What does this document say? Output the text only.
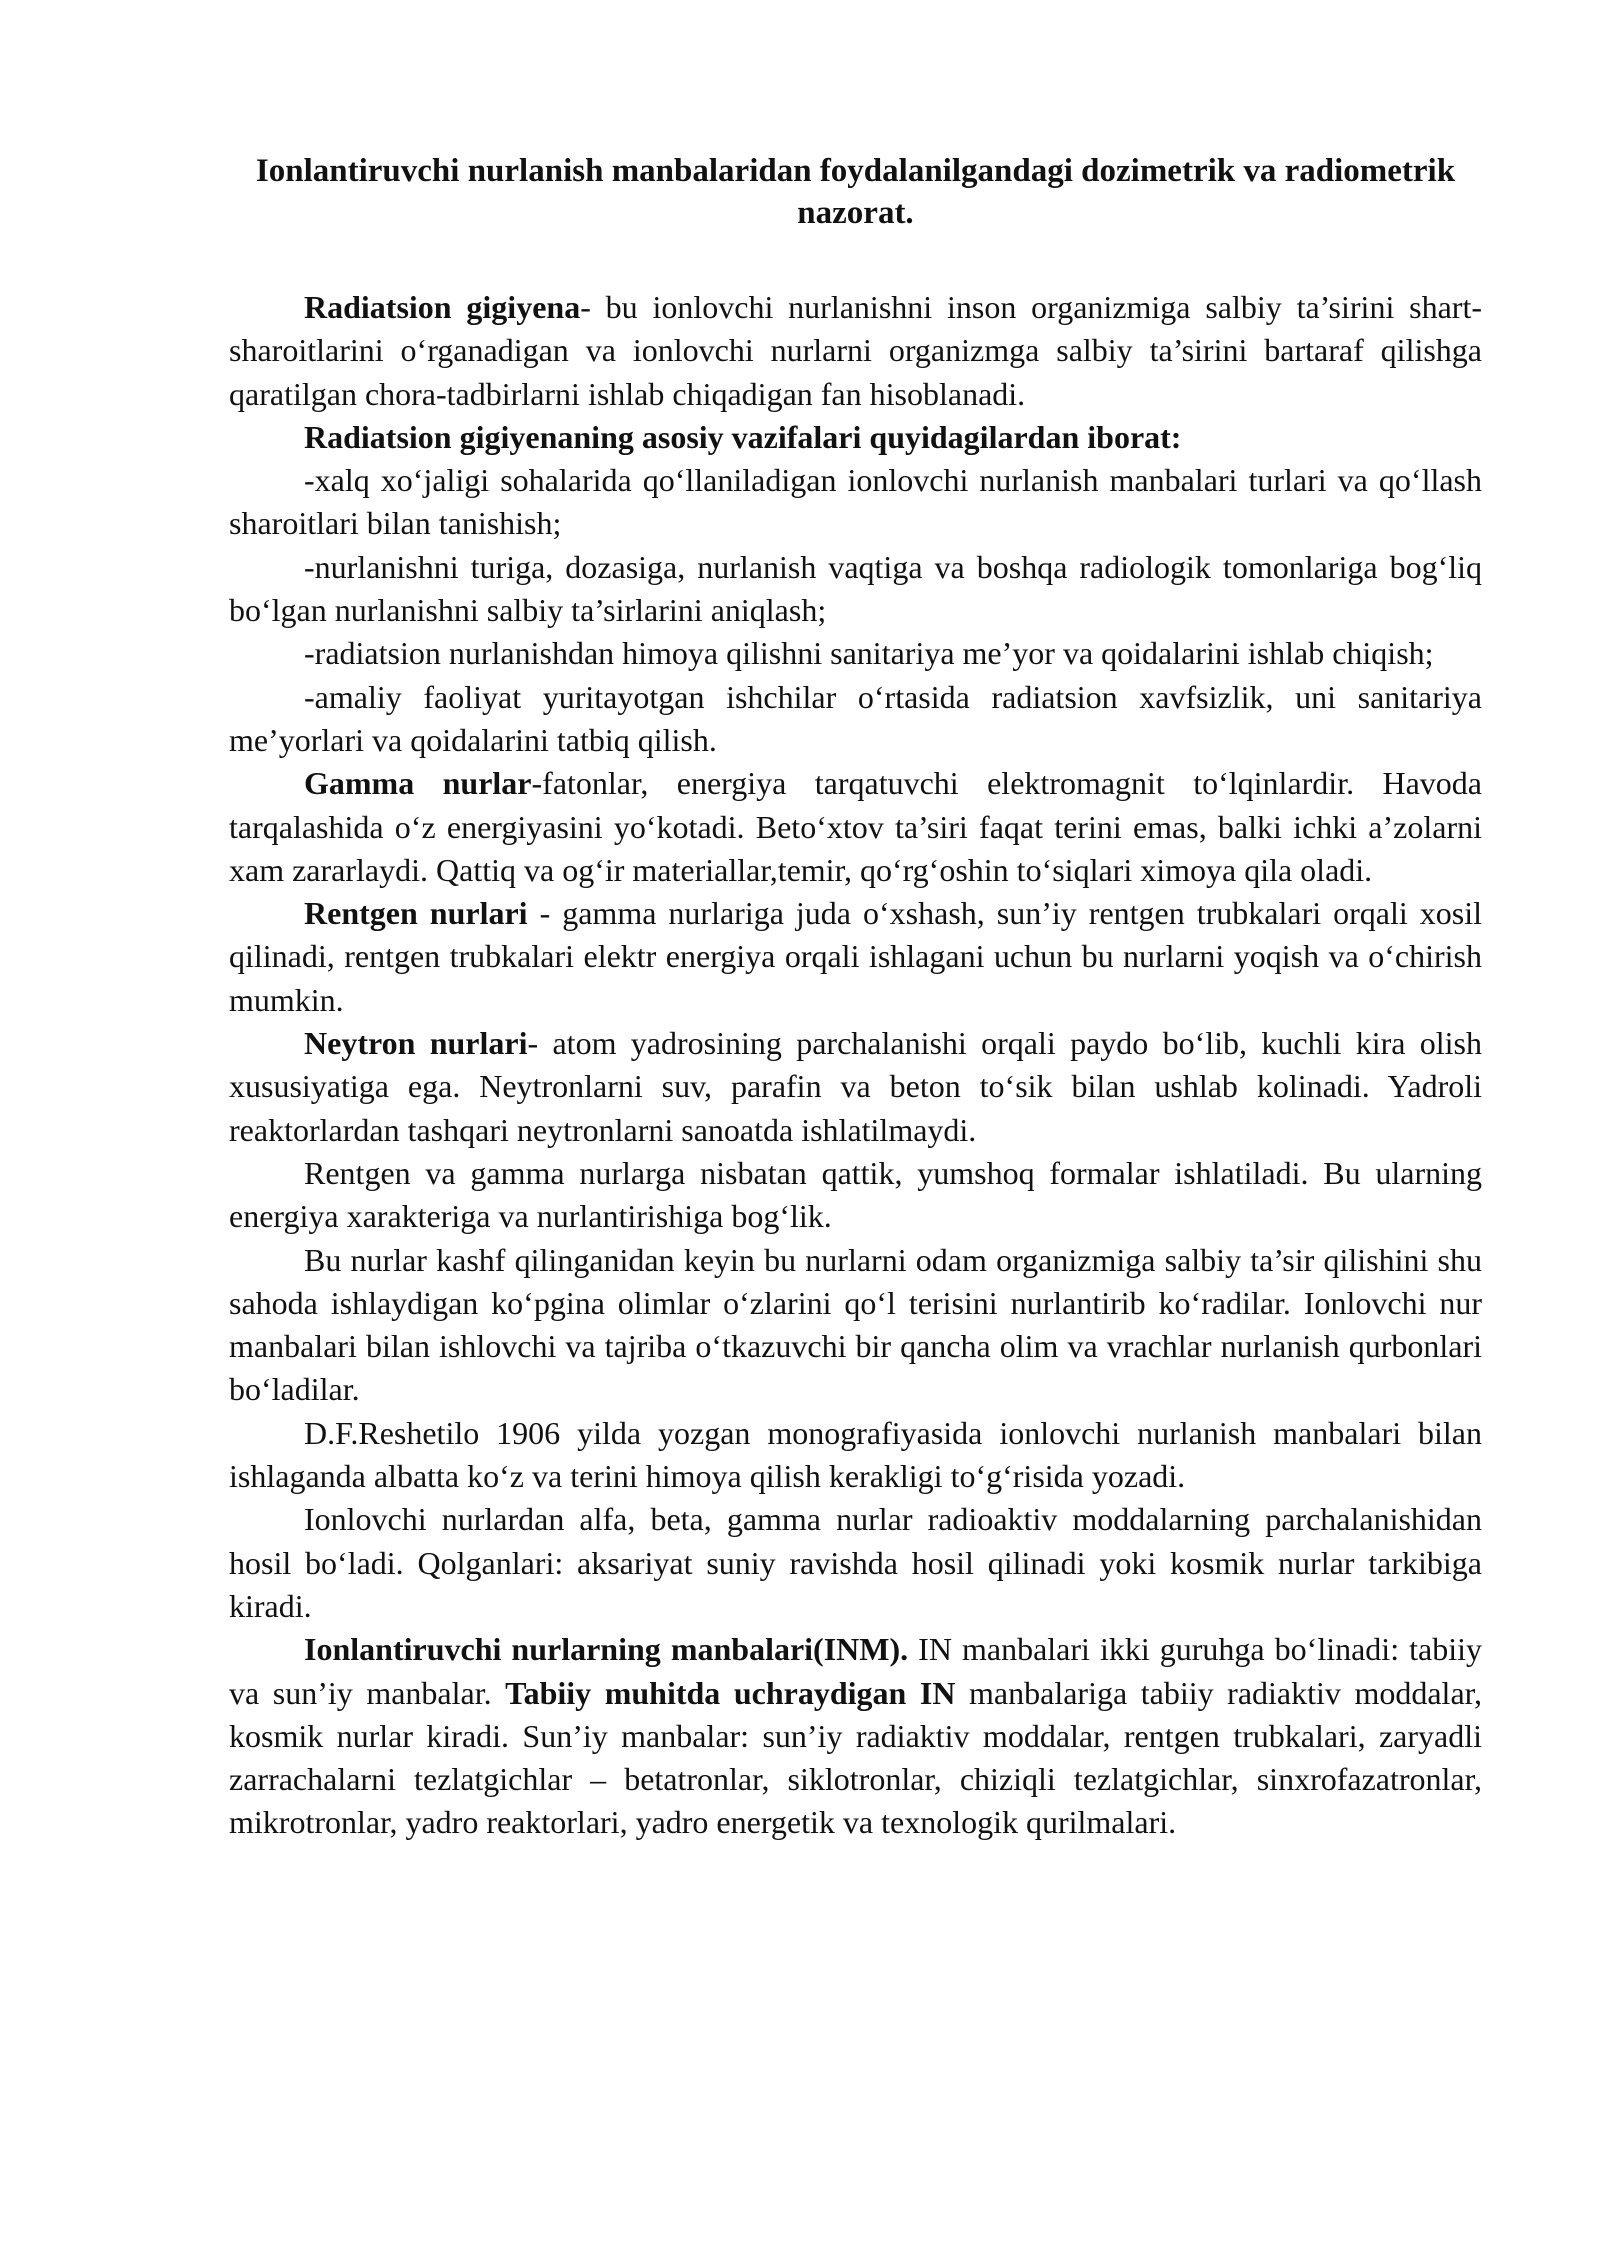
Ionlantiruvchi nurlanish manbalaridan foydalanilgandagi dozimetrik va radiometrik nazorat.

Radiatsion gigiyena- bu ionlovchi nurlanishni inson organizmiga salbiy ta’sirini shart-sharoitlarini o‘rganadigan va ionlovchi nurlarni organizmga salbiy ta’sirini bartaraf qilishga qaratilgan chora-tadbirlarni ishlab chiqadigan fan hisoblanadi.

Radiatsion gigiyenaning asosiy vazifalari quyidagilardan iborat:

-xalq xo‘jaligi sohalarida qo‘llaniladigan ionlovchi nurlanish manbalari turlari va qo‘llash sharoitlari bilan tanishish;

-nurlanishni turiga, dozasiga, nurlanish vaqtiga va boshqa radiologik tomonlariga bog‘liq bo‘lgan nurlanishni salbiy ta’sirlarini aniqlash;

-radiatsion nurlanishdan himoya qilishni sanitariya me’yor va qoidalarini ishlab chiqish;

-amaliy faoliyat yuritayotgan ishchilar o‘rtasida radiatsion xavfsizlik, uni sanitariya me’yorlari va qoidalarini tatbiq qilish.

Gamma nurlar-fatonlar, energiya tarqatuvchi elektromagnit to‘lqinlardir. Havoda tarqalashida o‘z energiyasini yo‘kotadi. Beto‘xtov ta’siri faqat terini emas, balki ichki a’zolarni xam zararlaydi. Qattiq va og‘ir materiallar,temir, qo‘rg‘oshin to‘siqlari ximoya qila oladi.

Rentgen nurlari - gamma nurlariga juda o‘xshash, sun’iy rentgen trubkalari orqali xosil qilinadi, rentgen trubkalari elektr energiya orqali ishlagani uchun bu nurlarni yoqish va o‘chirish mumkin.

Neytron nurlari- atom yadrosining parchalanishi orqali paydo bo‘lib, kuchli kira olish xususiyatiga ega. Neytronlarni suv, parafin va beton to‘sik bilan ushlab kolinadi. Yadroli reaktorlardan tashqari neytronlarni sanoatda ishlatilmaydi.

Rentgen va gamma nurlarga nisbatan qattik, yumshoq formalar ishlatiladi. Bu ularning energiya xarakteriga va nurlantirishiga bog‘lik.

Bu nurlar kashf qilinganidan keyin bu nurlarni odam organizmiga salbiy ta’sir qilishini shu sahoda ishlaydigan ko‘pgina olimlar o‘zlarini qo‘l terisini nurlantirib ko‘radilar. Ionlovchi nur manbalari bilan ishlovchi va tajriba o‘tkazuvchi bir qancha olim va vrachlar nurlanish qurbonlari bo‘ladilar.

D.F.Reshetilo 1906 yilda yozgan monografiyasida ionlovchi nurlanish manbalari bilan ishlaganda albatta ko‘z va terini himoya qilish kerakligi to‘g‘risida yozadi.

Ionlovchi nurlardan alfa, beta, gamma nurlar radioaktiv moddalarning parchalanishidan hosil bo‘ladi. Qolganlari: aksariyat suniy ravishda hosil qilinadi yoki kosmik nurlar tarkibiga kiradi.

Ionlantiruvchi nurlarning manbalari(INM). IN manbalari ikki guruhga bo‘linadi: tabiiy va sun’iy manbalar. Tabiiy muhitda uchraydigan IN manbalariga tabiiy radiaktiv moddalar, kosmik nurlar kiradi. Sun’iy manbalar: sun’iy radiaktiv moddalar, rentgen trubkalari, zaryadli zarrachalarni tezlatgichlar – betatronlar, siklotronlar, chiziqli tezlatgichlar, sinxrofazatronlar, mikrotronlar, yadro reaktorlari, yadro energetik va texnologik qurilmalari.
